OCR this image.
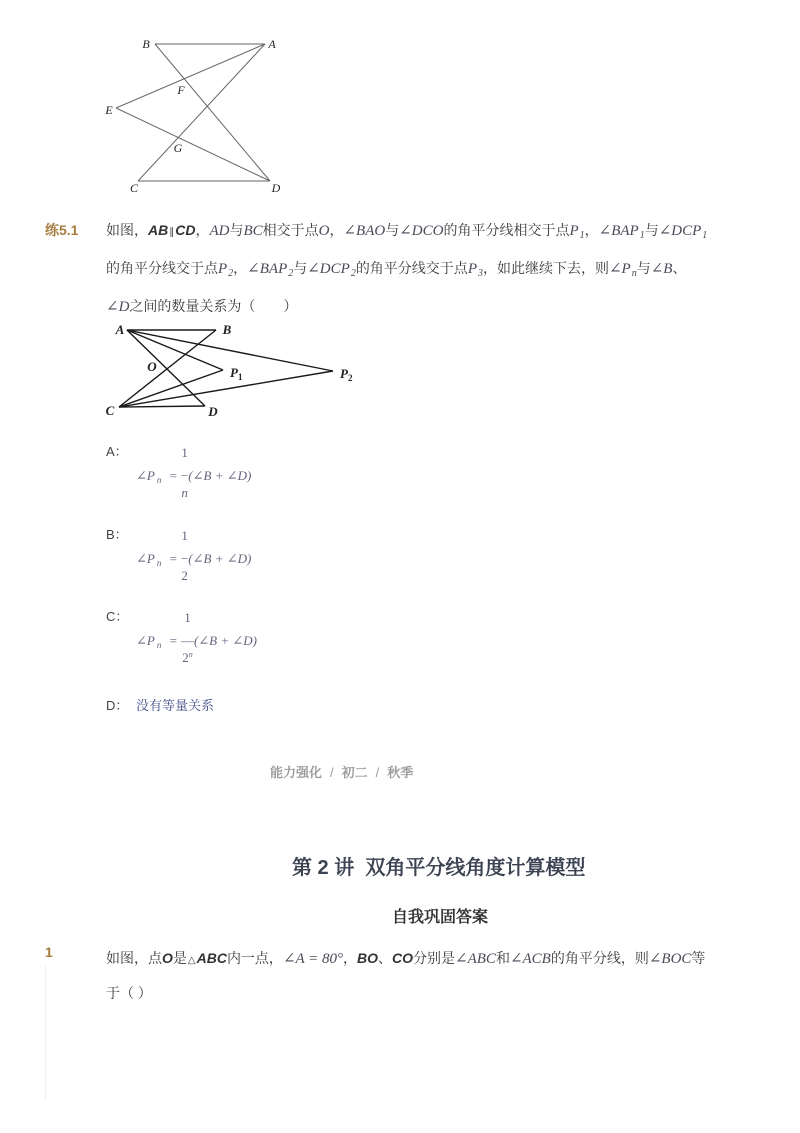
B	A
F
E
G
C	D
练5.1 如图，AB∥CD，AD与BC相交于点O，∠BAO与∠DCO的角平分线相交于点$P_1$，$\angle BAP_1$与$\angle DCP_1$
的角平分线交于点$P_2$，$\angle BAP_2$与$\angle DCP_2$的角平分线交于点$P_3$，如此继续下去，则$\angle P_n$与∠B、
∠D之间的数量关系为（　　）
A	B
O	$P_1$	$P_2$
C	D
A：
∠P $_n$ =
1
−
n
(∠B + ∠D)
B：
∠P $_n$ =
1
−
2
(∠B + ∠D)
C：
∠P $_n$ =
1
—
2$^n$
(∠B + ∠D)
D： 没有等量关系
能力强化 / 初二 / 秋季
第 2 讲  双角平分线角度计算模型
自我巩固答案
1	如图，点O是△ABC内一点，∠A = 80°，BO、CO分别是∠ABC和∠ACB的角平分线，则∠BOC等
于（ ）
